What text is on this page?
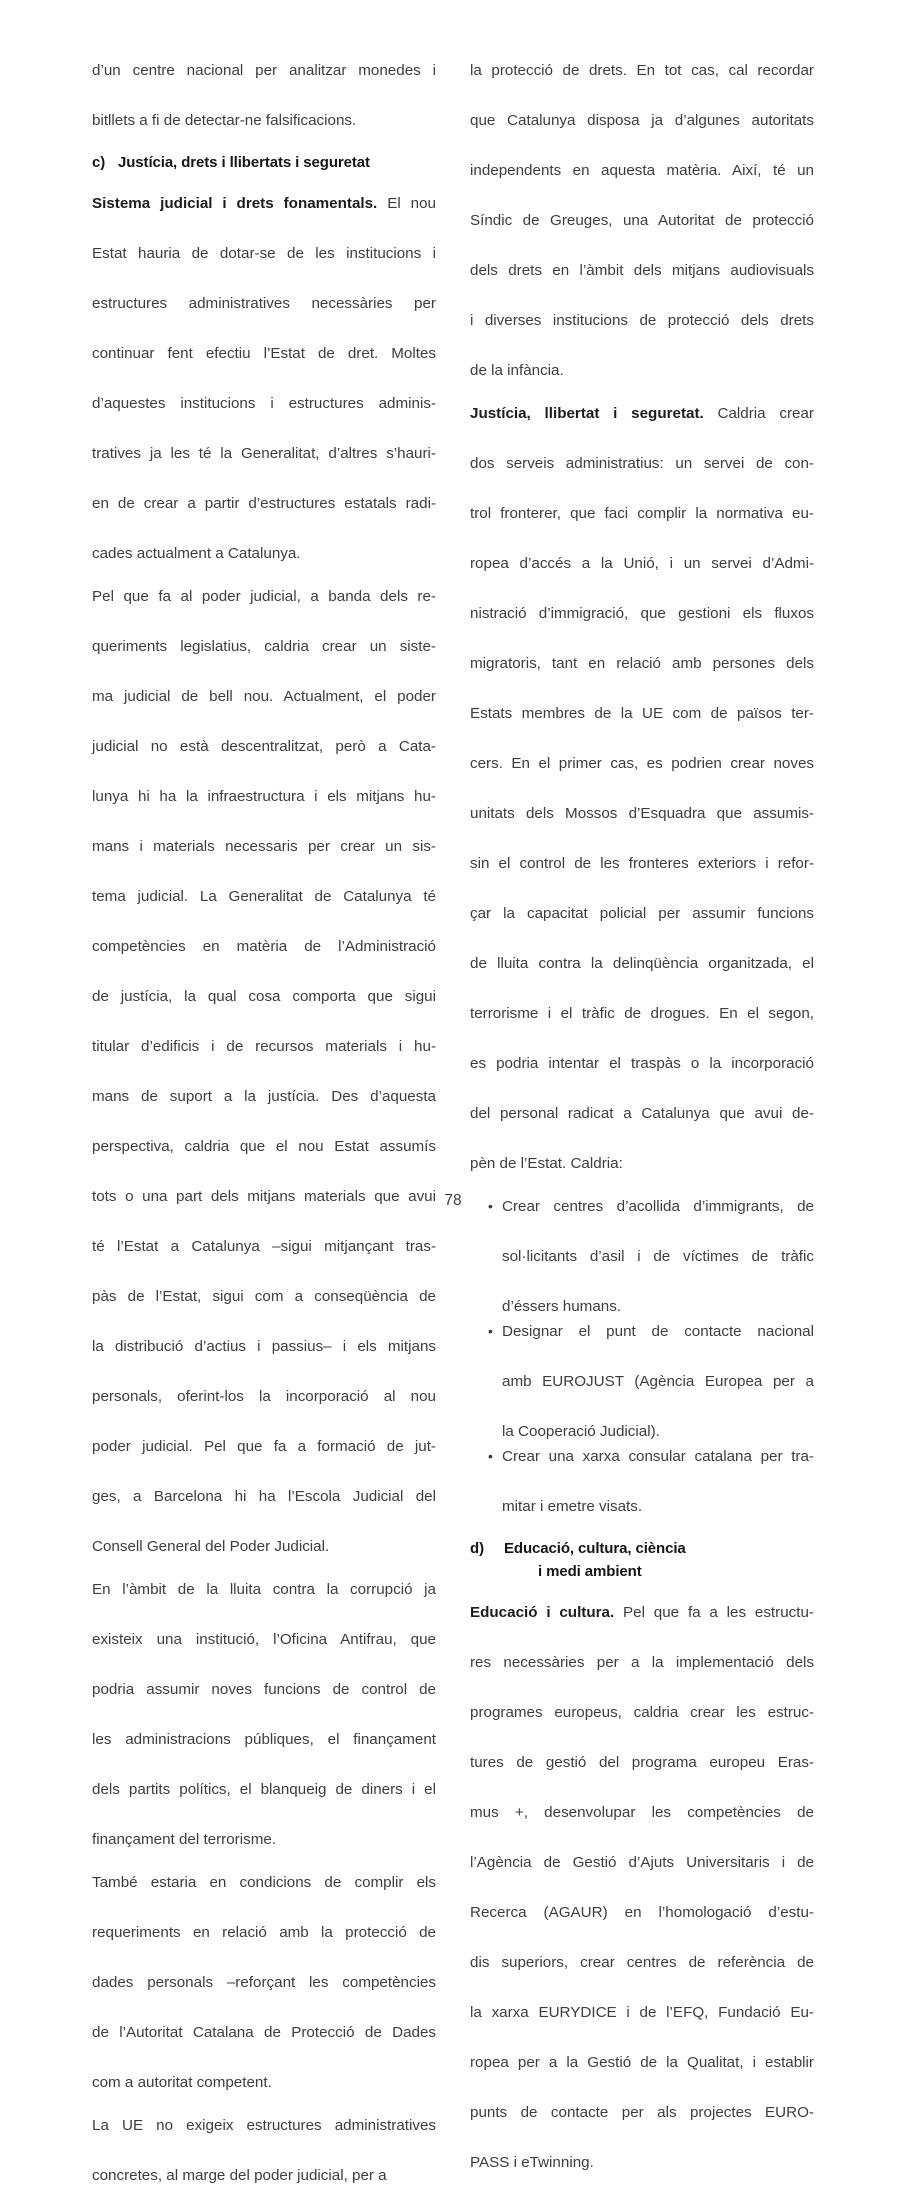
d’un centre nacional per analitzar monedes i
bitllets a fi de detectar-ne falsificacions.

c) Justícia, drets i llibertats i seguretat

Sistema judicial i drets fonamentals. El nou
Estat hauria de dotar-se de les institucions i
estructures administratives necessàries per
continuar fent efectiu l’Estat de dret. Moltes
d’aquestes institucions i estructures adminis-
tratives ja les té la Generalitat, d’altres s’hauri-
en de crear a partir d’estructures estatals radi-
cades actualment a Catalunya.

Pel que fa al poder judicial, a banda dels re-
queriments legislatius, caldria crear un siste-
ma judicial de bell nou. Actualment, el poder
judicial no està descentralitzat, però a Cata-
lunya hi ha la infraestructura i els mitjans hu-
mans i materials necessaris per crear un sis-
tema judicial. La Generalitat de Catalunya té
competències en matèria de l’Administració
de justícia, la qual cosa comporta que sigui
titular d’edificis i de recursos materials i hu-
mans de suport a la justícia. Des d’aquesta
perspectiva, caldria que el nou Estat assumís
tots o una part dels mitjans materials que avui
té l’Estat a Catalunya –sigui mitjançant tras-
pàs de l’Estat, sigui com a conseqüència de
la distribució d’actius i passius– i els mitjans
personals, oferint-los la incorporació al nou
poder judicial. Pel que fa a formació de jut-
ges, a Barcelona hi ha l’Escola Judicial del
Consell General del Poder Judicial.

En l’àmbit de la lluita contra la corrupció ja
existeix una institució, l’Oficina Antifrau, que
podria assumir noves funcions de control de
les administracions públiques, el finançament
dels partits polítics, el blanqueig de diners i el
finançament del terrorisme.

També estaria en condicions de complir els
requeriments en relació amb la protecció de
dades personals –reforçant les competències
de l’Autoritat Catalana de Protecció de Dades
com a autoritat competent.

La UE no exigeix estructures administratives
concretes, al marge del poder judicial, per a

la protecció de drets. En tot cas, cal recordar
que Catalunya disposa ja d’algunes autoritats
independents en aquesta matèria. Així, té un
Síndic de Greuges, una Autoritat de protecció
dels drets en l’àmbit dels mitjans audiovisuals
i diverses institucions de protecció dels drets
de la infància.

Justícia, llibertat i seguretat. Caldria crear
dos serveis administratius: un servei de con-
trol fronterer, que faci complir la normativa eu-
ropea d’accés a la Unió, i un servei d’Admi-
nistració d’immigració, que gestioni els fluxos
migratoris, tant en relació amb persones dels
Estats membres de la UE com de països ter-
cers. En el primer cas, es podrien crear noves
unitats dels Mossos d’Esquadra que assumis-
sin el control de les fronteres exteriors i refor-
çar la capacitat policial per assumir funcions
de lluita contra la delinqüència organitzada, el
terrorisme i el tràfic de drogues. En el segon,
es podria intentar el traspàs o la incorporació
del personal radicat a Catalunya que avui de-
pèn de l’Estat. Caldria:

• Crear centres d’acollida d’immigrants, de
sol·licitants d’asil i de víctimes de tràfic
d’éssers humans.
• Designar el punt de contacte nacional
amb EUROJUST (Agència Europea per a
la Cooperació Judicial).
• Crear una xarxa consular catalana per tra-
mitar i emetre visats.
d) Educació, cultura, ciència
i medi ambient

Educació i cultura. Pel que fa a les estructu-
res necessàries per a la implementació dels
programes europeus, caldria crear les estruc-
tures de gestió del programa europeu Eras-
mus +, desenvolupar les competències de
l’Agència de Gestió d’Ajuts Universitaris i de
Recerca (AGAUR) en l’homologació d’estu-
dis superiors, crear centres de referència de
la xarxa EURYDICE i de l’EFQ, Fundació Eu-
ropea per a la Gestió de la Qualitat, i establir
punts de contacte per als projectes EURO-
PASS i eTwinning.

78
